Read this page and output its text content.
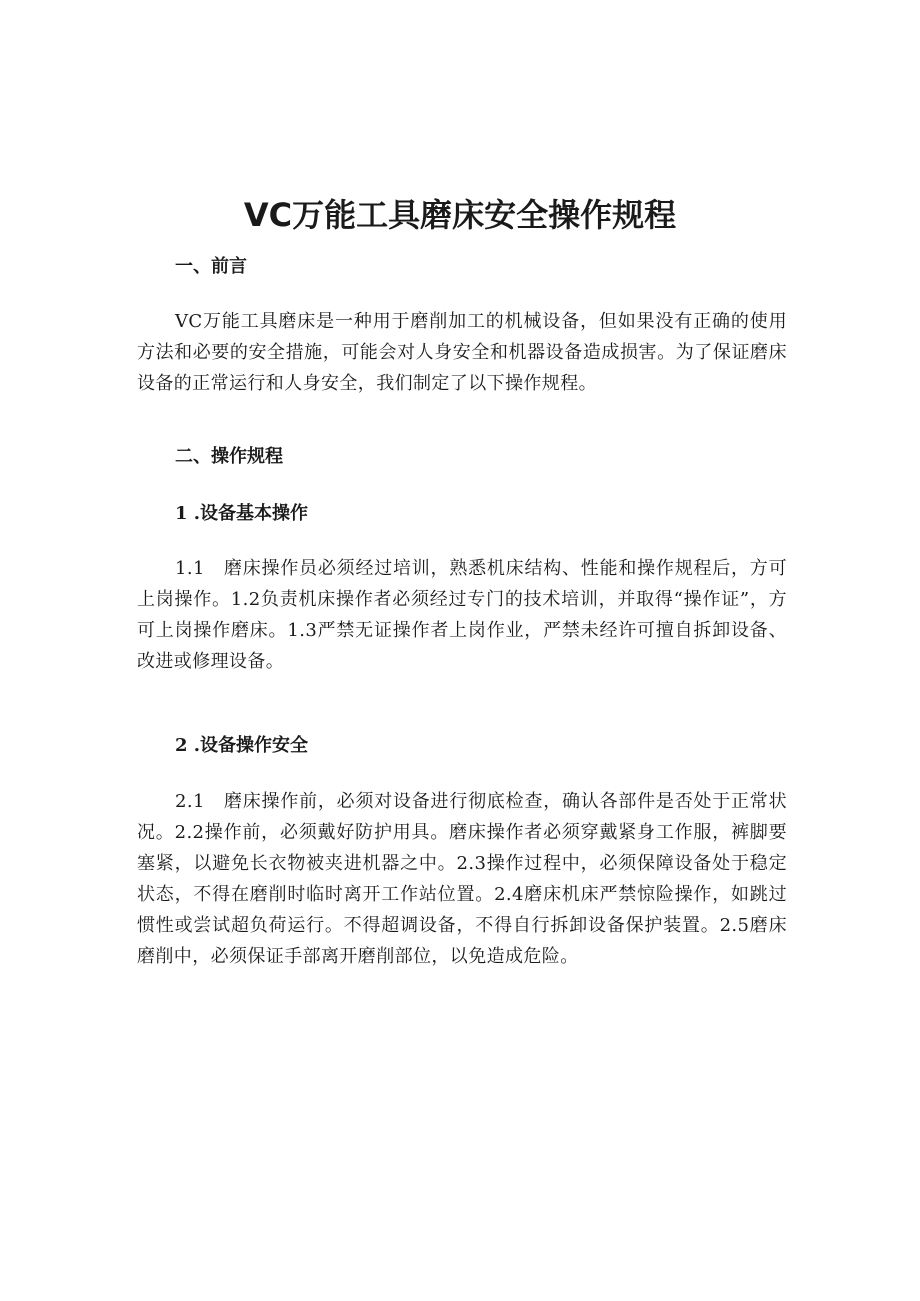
VC万能工具磨床安全操作规程
一、前言

VC万能工具磨床是一种用于磨削加工的机械设备，但如果没有正确的使用方法和必要的安全措施，可能会对人身安全和机器设备造成损害。为了保证磨床设备的正常运行和人身安全，我们制定了以下操作规程。

二、操作规程
1 .设备基本操作

1.1　磨床操作员必须经过培训，熟悉机床结构、性能和操作规程后，方可上岗操作。1.2负责机床操作者必须经过专门的技术培训，并取得“操作证”，方可上岗操作磨床。1.3严禁无证操作者上岗作业，严禁未经许可擅自拆卸设备、改进或修理设备。

2 .设备操作安全

2.1　磨床操作前，必须对设备进行彻底检查，确认各部件是否处于正常状况。2.2操作前，必须戴好防护用具。磨床操作者必须穿戴紧身工作服，裤脚要塞紧，以避免长衣物被夹进机器之中。2.3操作过程中，必须保障设备处于稳定状态，不得在磨削时临时离开工作站位置。2.4磨床机床严禁惊险操作，如跳过惯性或尝试超负荷运行。不得超调设备，不得自行拆卸设备保护装置。2.5磨床磨削中，必须保证手部离开磨削部位，以免造成危险。
